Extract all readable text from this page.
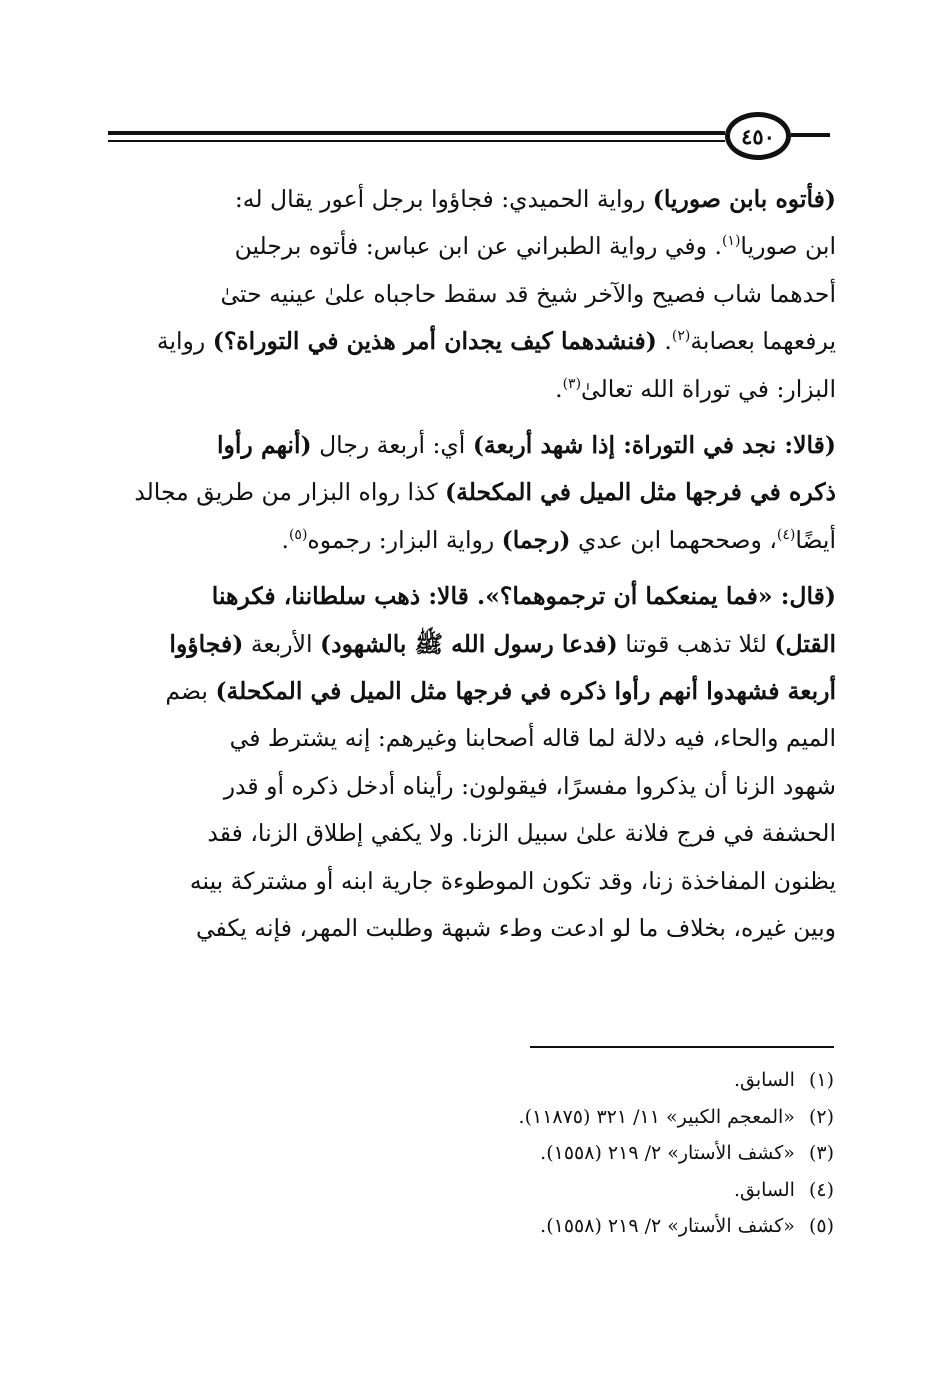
٤٥٠

(فأتوه بابن صوريا) رواية الحميدي: فجاؤوا برجل أعور يقال له:

ابن صوريا$^{(١)}$. وفي رواية الطبراني عن ابن عباس: فأتوه برجلين

أحدهما شاب فصيح والآخر شيخ قد سقط حاجباه علىٰ عينيه حتىٰ

يرفعهما بعصابة$^{(٢)}$. (فنشدهما كيف يجدان أمر هذين في التوراة؟) رواية

البزار: في توراة الله تعالىٰ$^{(٣)}$.

(قالا: نجد في التوراة: إذا شهد أربعة) أي: أربعة رجال (أنهم رأوا

ذكره في فرجها مثل الميل في المكحلة) كذا رواه البزار من طريق مجالد

أيضًا$^{(٤)}$، وصححهما ابن عدي (رجما) رواية البزار: رجموه$^{(٥)}$.

(قال: «فما يمنعكما أن ترجموهما؟». قالا: ذهب سلطاننا، فكرهنا

القتل) لئلا تذهب قوتنا (فدعا رسول الله ﷺ بالشهود) الأربعة (فجاؤوا

أربعة فشهدوا أنهم رأوا ذكره في فرجها مثل الميل في المكحلة) بضم

الميم والحاء، فيه دلالة لما قاله أصحابنا وغيرهم: إنه يشترط في

شهود الزنا أن يذكروا مفسرًا، فيقولون: رأيناه أدخل ذكره أو قدر

الحشفة في فرج فلانة علىٰ سبيل الزنا. ولا يكفي إطلاق الزنا، فقد

يظنون المفاخذة زنا، وقد تكون الموطوءة جارية ابنه أو مشتركة بينه

وبين غيره، بخلاف ما لو ادعت وطء شبهة وطلبت المهر، فإنه يكفي

(١)السابق.

(٢)«المعجم الكبير» ١١/ ٣٢١ (١١٨٧٥).

(٣)«كشف الأستار» ٢/ ٢١٩ (١٥٥٨).

(٤)السابق.

(٥)«كشف الأستار» ٢/ ٢١٩ (١٥٥٨).
